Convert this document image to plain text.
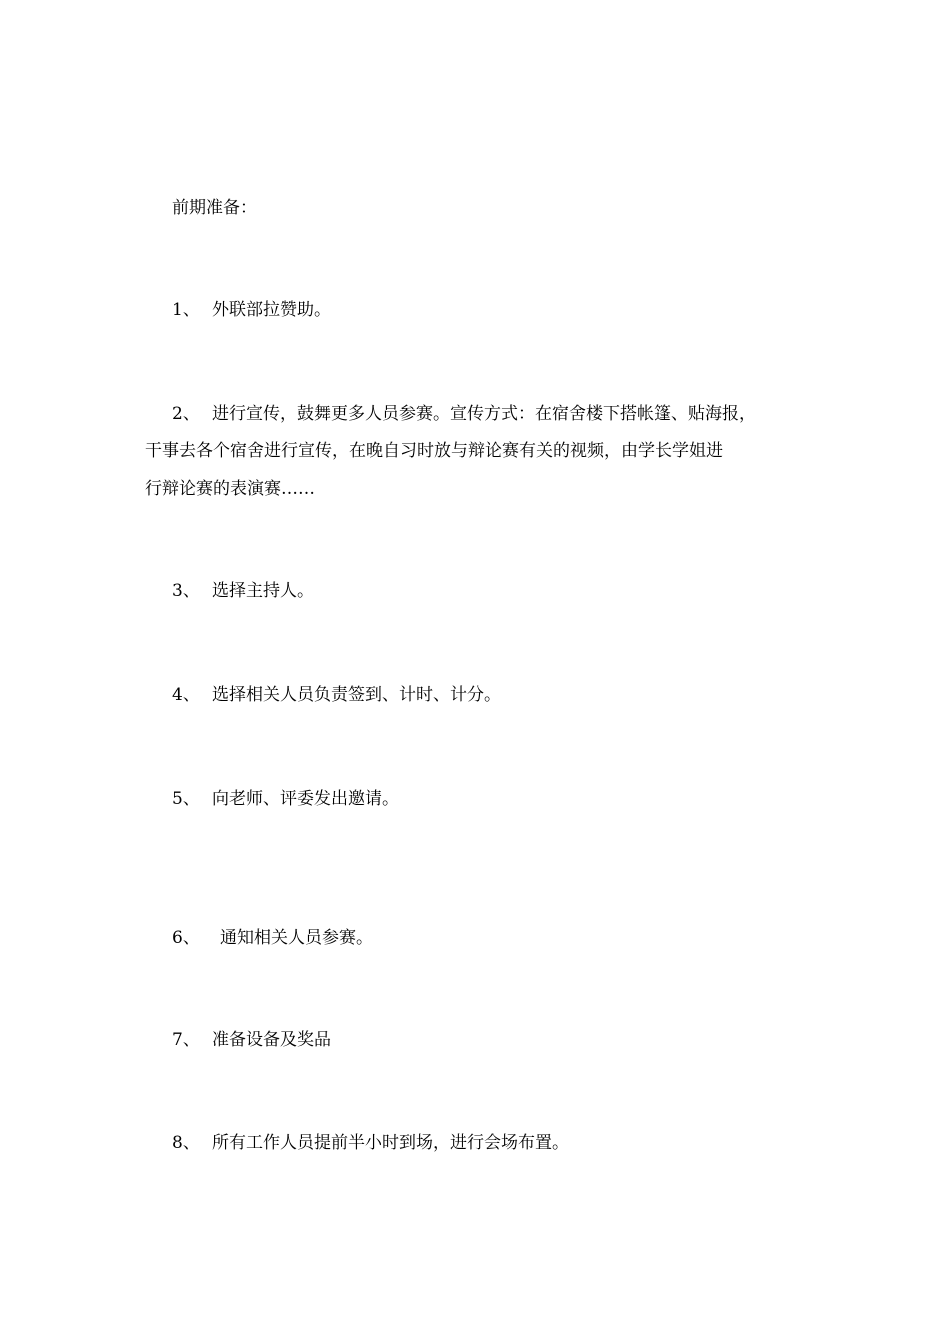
前期准备：
1、 外联部拉赞助。
2、 进行宣传，鼓舞更多人员参赛。宣传方式：在宿舍楼下搭帐篷、贴海报，
干事去各个宿舍进行宣传，在晚自习时放与辩论赛有关的视频，由学长学姐进
行辩论赛的表演赛……
3、 选择主持人。
4、 选择相关人员负责签到、计时、计分。
5、 向老师、评委发出邀请。
6、 通知相关人员参赛。
7、 准备设备及奖品
8、 所有工作人员提前半小时到场，进行会场布置。
